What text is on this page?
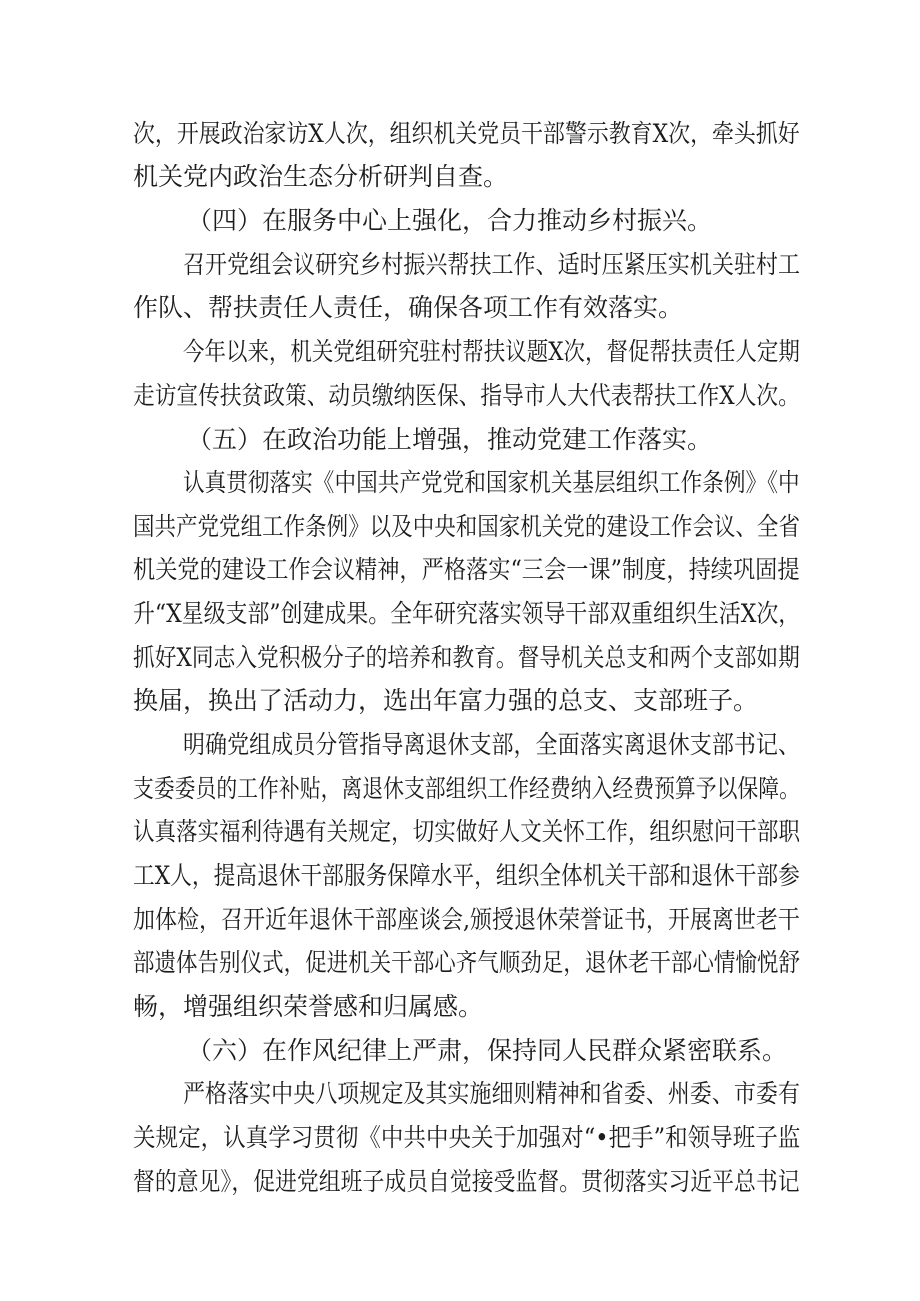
次，开展政治家访X人次，组织机关党员干部警示教育X次，牵头抓好
机关党内政治生态分析研判自查。
（四）在服务中心上强化，合力推动乡村振兴。
召开党组会议研究乡村振兴帮扶工作、适时压紧压实机关驻村工
作队、帮扶责任人责任，确保各项工作有效落实。
今年以来，机关党组研究驻村帮扶议题X次，督促帮扶责任人定期
走访宣传扶贫政策、动员缴纳医保、指导市人大代表帮扶工作X人次。
（五）在政治功能上增强，推动党建工作落实。
认真贯彻落实《中国共产党党和国家机关基层组织工作条例》《中
国共产党党组工作条例》以及中央和国家机关党的建设工作会议、全省
机关党的建设工作会议精神，严格落实“三会一课”制度，持续巩固提
升“X星级支部”创建成果。全年研究落实领导干部双重组织生活X次，
抓好X同志入党积极分子的培养和教育。督导机关总支和两个支部如期
换届，换出了活动力，选出年富力强的总支、支部班子。
明确党组成员分管指导离退休支部，全面落实离退休支部书记、
支委委员的工作补贴，离退休支部组织工作经费纳入经费预算予以保障。
认真落实福利待遇有关规定，切实做好人文关怀工作，组织慰问干部职
工X人，提高退休干部服务保障水平，组织全体机关干部和退休干部参
加体检，召开近年退休干部座谈会,颁授退休荣誉证书，开展离世老干
部遗体告别仪式，促进机关干部心齐气顺劲足，退休老干部心情愉悦舒
畅，增强组织荣誉感和归属感。
（六）在作风纪律上严肃，保持同人民群众紧密联系。
严格落实中央八项规定及其实施细则精神和省委、州委、市委有
关规定，认真学习贯彻《中共中央关于加强对“•把手”和领导班子监
督的意见》，促进党组班子成员自觉接受监督。贯彻落实习近平总书记
